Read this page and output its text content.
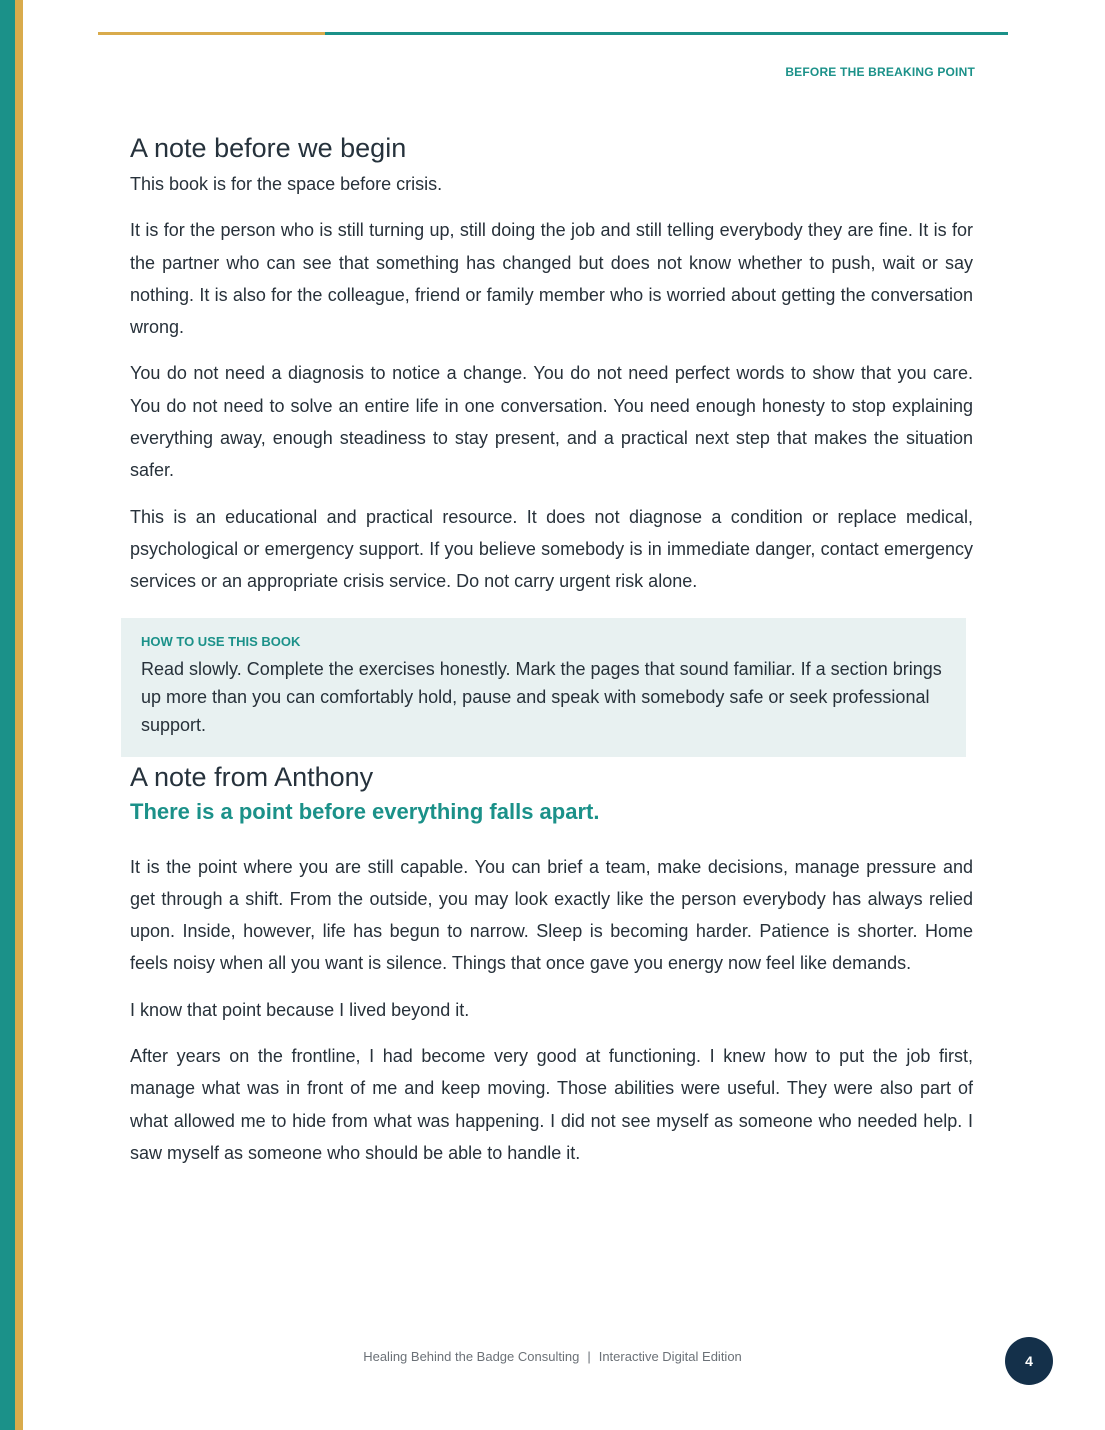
BEFORE THE BREAKING POINT
A note before we begin

This book is for the space before crisis.

It is for the person who is still turning up, still doing the job and still telling everybody they are fine. It is for the partner who can see that something has changed but does not know whether to push, wait or say nothing. It is also for the colleague, friend or family member who is worried about getting the conversation wrong.

You do not need a diagnosis to notice a change. You do not need perfect words to show that you care. You do not need to solve an entire life in one conversation. You need enough honesty to stop explaining everything away, enough steadiness to stay present, and a practical next step that makes the situation safer.

This is an educational and practical resource. It does not diagnose a condition or replace medical, psychological or emergency support. If you believe somebody is in immediate danger, contact emergency services or an appropriate crisis service. Do not carry urgent risk alone.

HOW TO USE THIS BOOK
Read slowly. Complete the exercises honestly. Mark the pages that sound familiar. If a section brings up more than you can comfortably hold, pause and speak with somebody safe or seek professional support.
A note from Anthony
There is a point before everything falls apart.

It is the point where you are still capable. You can brief a team, make decisions, manage pressure and get through a shift. From the outside, you may look exactly like the person everybody has always relied upon. Inside, however, life has begun to narrow. Sleep is becoming harder. Patience is shorter. Home feels noisy when all you want is silence. Things that once gave you energy now feel like demands.

I know that point because I lived beyond it.

After years on the frontline, I had become very good at functioning. I knew how to put the job first, manage what was in front of me and keep moving. Those abilities were useful. They were also part of what allowed me to hide from what was happening. I did not see myself as someone who needed help. I saw myself as someone who should be able to handle it.

Healing Behind the Badge Consulting | Interactive Digital Edition	4
